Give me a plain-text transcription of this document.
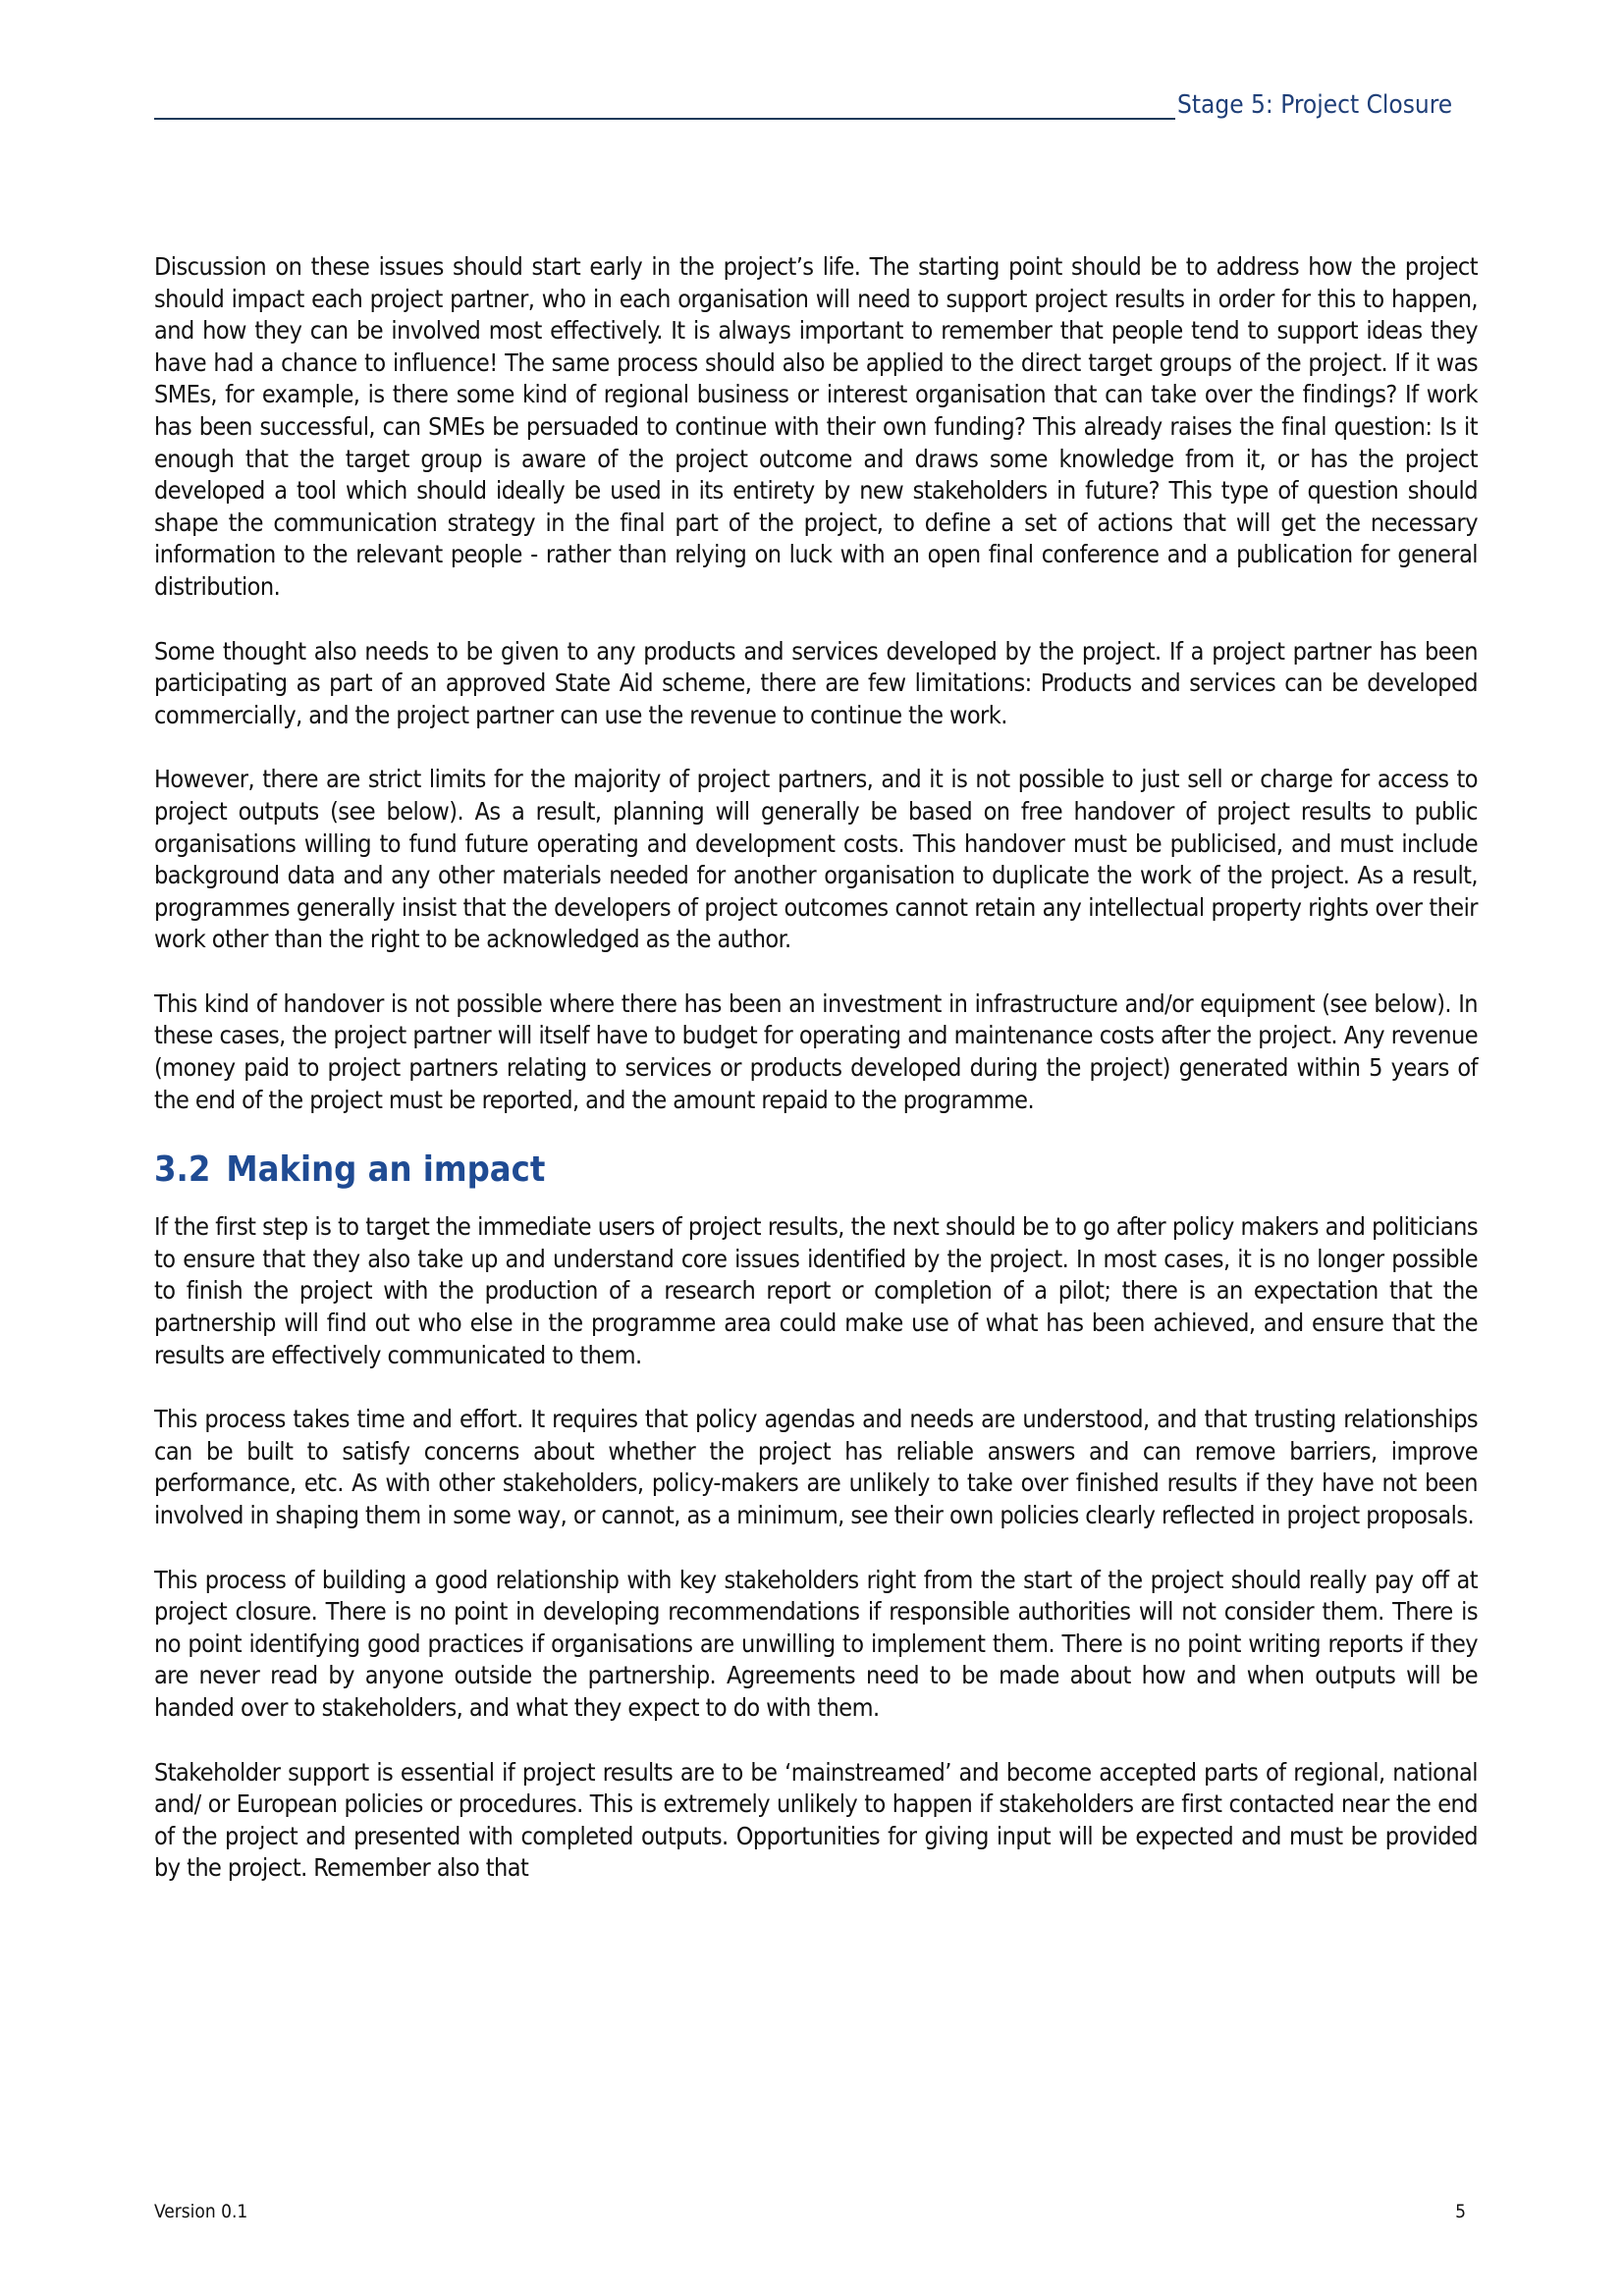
Stage 5: Project Closure

Discussion on these issues should start early in the project’s life. The starting point should be to address how the project should impact each project partner, who in each organisation will need to support project results in order for this to happen, and how they can be involved most effectively. It is always important to remember that people tend to support ideas they have had a chance to influence! The same process should also be applied to the direct target groups of the project. If it was SMEs, for example, is there some kind of regional business or interest organisation that can take over the findings? If work has been successful, can SMEs be persuaded to continue with their own funding? This already raises the final question: Is it enough that the target group is aware of the project outcome and draws some knowledge from it, or has the project developed a tool which should ideally be used in its entirety by new stakeholders in future? This type of question should shape the communication strategy in the final part of the project, to define a set of actions that will get the necessary information to the relevant people - rather than relying on luck with an open final conference and a publication for general distribution.

Some thought also needs to be given to any products and services developed by the project. If a project partner has been participating as part of an approved State Aid scheme, there are few limitations: Products and services can be developed commercially, and the project partner can use the revenue to continue the work.

However, there are strict limits for the majority of project partners, and it is not possible to just sell or charge for access to project outputs (see below). As a result, planning will generally be based on free handover of project results to public organisations willing to fund future operating and development costs. This handover must be publicised, and must include background data and any other materials needed for another organisation to duplicate the work of the project. As a result, programmes generally insist that the developers of project outcomes cannot retain any intellectual property rights over their work other than the right to be acknowledged as the author.

This kind of handover is not possible where there has been an investment in infrastructure and/or equipment (see below). In these cases, the project partner will itself have to budget for operating and maintenance costs after the project. Any revenue (money paid to project partners relating to services or products developed during the project) generated within 5 years of the end of the project must be reported, and the amount repaid to the programme.

3.2 Making an impact

If the first step is to target the immediate users of project results, the next should be to go after policy makers and politicians to ensure that they also take up and understand core issues identified by the project. In most cases, it is no longer possible to finish the project with the production of a research report or completion of a pilot; there is an expectation that the partnership will find out who else in the programme area could make use of what has been achieved, and ensure that the results are effectively communicated to them.

This process takes time and effort. It requires that policy agendas and needs are understood, and that trusting relationships can be built to satisfy concerns about whether the project has reliable answers and can remove barriers, improve performance, etc. As with other stakeholders, policy-makers are unlikely to take over finished results if they have not been involved in shaping them in some way, or cannot, as a minimum, see their own policies clearly reflected in project proposals.

This process of building a good relationship with key stakeholders right from the start of the project should really pay off at project closure. There is no point in developing recommendations if responsible authorities will not consider them. There is no point identifying good practices if organisations are unwilling to implement them. There is no point writing reports if they are never read by anyone outside the partnership. Agreements need to be made about how and when outputs will be handed over to stakeholders, and what they expect to do with them.

Stakeholder support is essential if project results are to be ‘mainstreamed’ and become accepted parts of regional, national and/ or European policies or procedures. This is extremely unlikely to happen if stakeholders are first contacted near the end of the project and presented with completed outputs. Opportunities for giving input will be expected and must be provided by the project. Remember also that

Version 0.1	5
